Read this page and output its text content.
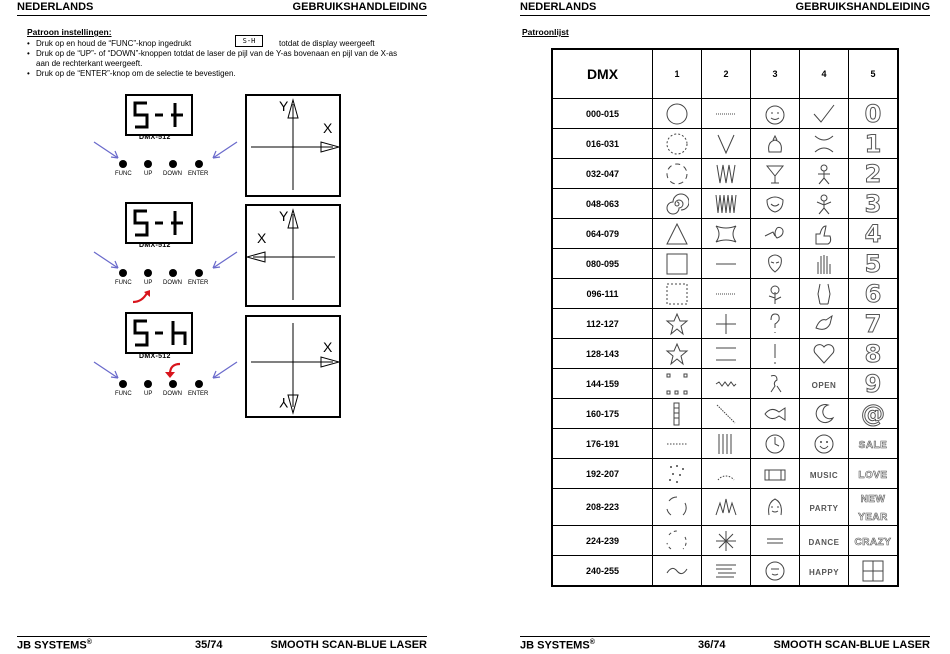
NEDERLANDS	GEBRUIKSHANDLEIDING
Patroon instellingen:
• Druk op en houd de “FUNC”-knop ingedrukt	totdat de display weergeeft
S-H
• Druk op de “UP”- of “DOWN”-knoppen totdat de laser de pijl van de Y-as bovenaan en pijl van de X-as
aan de rechterkant weergeeft.
• Druk op de “ENTER”-knop om de selectie te bevestigen.
DMX-512
FUNC UP DOWN ENTER
Y
X
DMX-512
FUNC UP DOWN ENTER
Y
X
DMX-512
FUNC UP DOWN ENTER
Y
X
JB SYSTEMS®	35/74	SMOOTH SCAN-BLUE LASER
NEDERLANDS	GEBRUIKSHANDLEIDING
Patroonlijst
DMX	1	2	3	4	5
000-015					0
016-031					1
032-047					2
048-063					3
064-079					4
080-095					5
096-111					6
112-127					7
128-143					8
144-159				OPEN	9
160-175					@
176-191					SALE
192-207				MUSIC	LOVE
208-223				PARTY	NEW YEAR
224-239				DANCE	CRAZY
240-255				HAPPY	
JB SYSTEMS®	36/74	SMOOTH SCAN-BLUE LASER
